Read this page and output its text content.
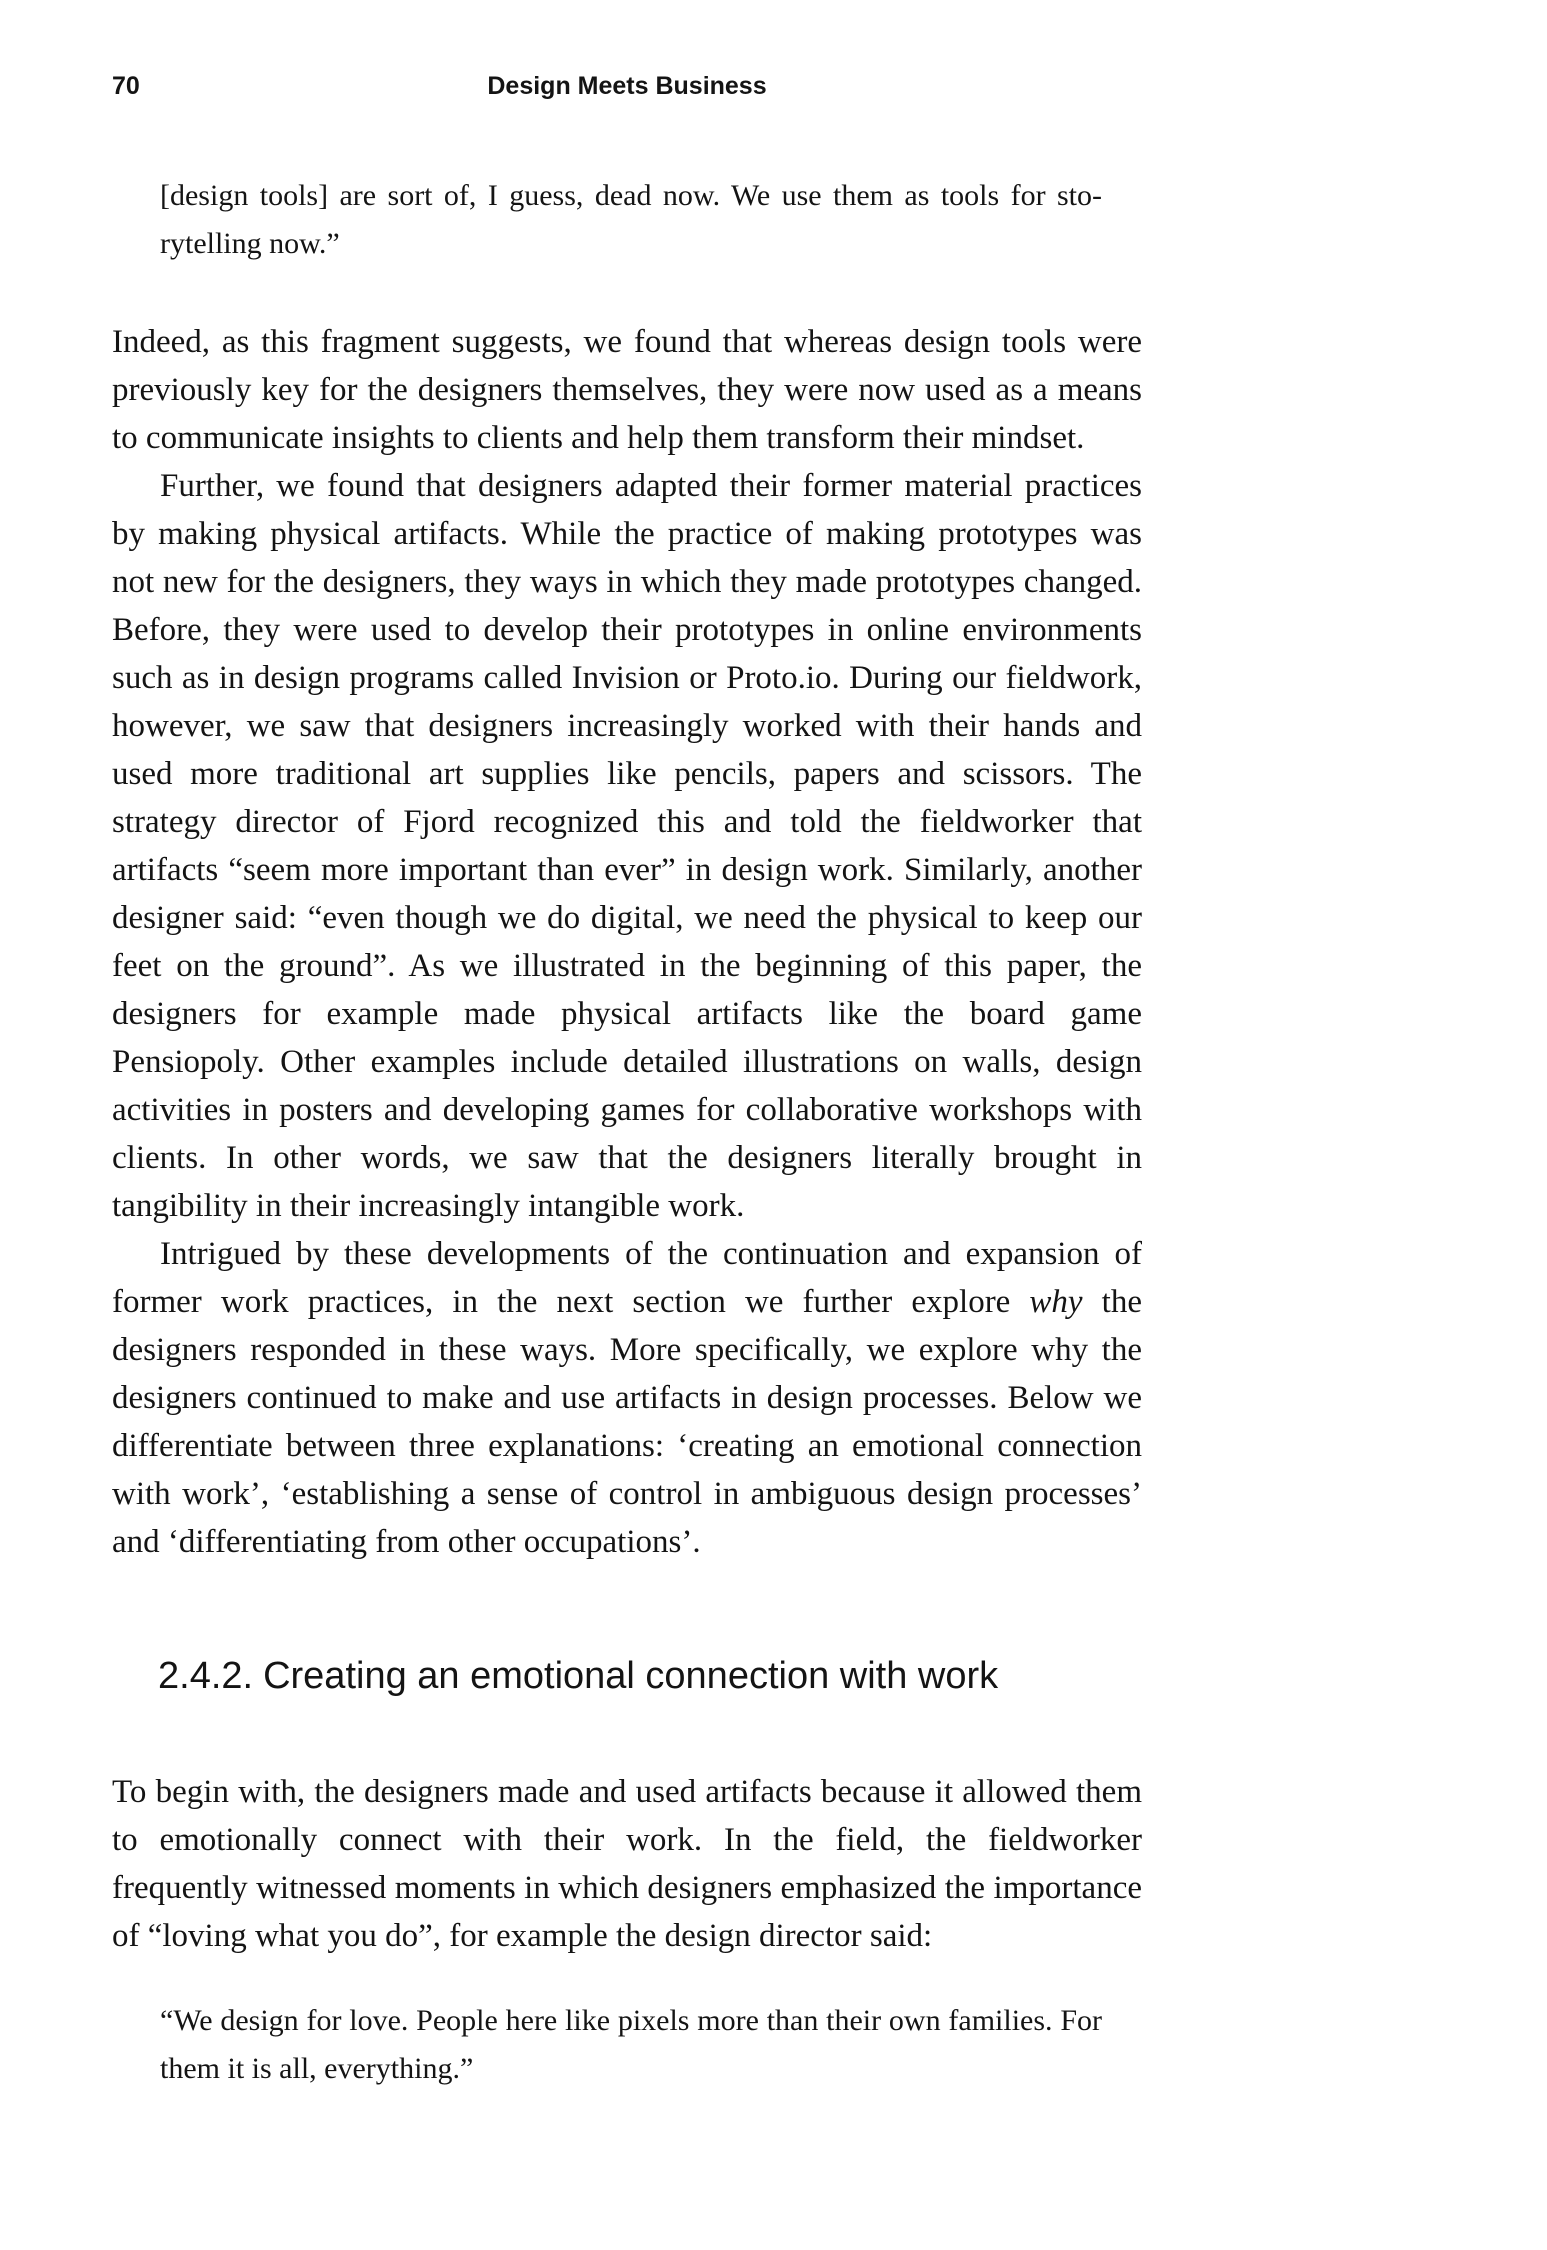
70	Design Meets Business

[design tools] are sort of, I guess, dead now. We use them as tools for storytelling now.”

Indeed, as this fragment suggests, we found that whereas design tools were previously key for the designers themselves, they were now used as a means to communicate insights to clients and help them transform their mindset.

Further, we found that designers adapted their former material practices by making physical artifacts. While the practice of making prototypes was not new for the designers, they ways in which they made prototypes changed. Before, they were used to develop their prototypes in online environments such as in design programs called Invision or Proto.io. During our fieldwork, however, we saw that designers increasingly worked with their hands and used more traditional art supplies like pencils, papers and scissors. The strategy director of Fjord recognized this and told the fieldworker that artifacts “seem more important than ever” in design work. Similarly, another designer said: “even though we do digital, we need the physical to keep our feet on the ground”. As we illustrated in the beginning of this paper, the designers for example made physical artifacts like the board game Pensiopoly. Other examples include detailed illustrations on walls, design activities in posters and developing games for collaborative workshops with clients. In other words, we saw that the designers literally brought in tangibility in their increasingly intangible work.

Intrigued by these developments of the continuation and expansion of former work practices, in the next section we further explore why the designers responded in these ways. More specifically, we explore why the designers continued to make and use artifacts in design processes. Below we differentiate between three explanations: ‘creating an emotional connection with work’, ‘establishing a sense of control in ambiguous design processes’ and ‘differentiating from other occupations’.

2.4.2. Creating an emotional connection with work

To begin with, the designers made and used artifacts because it allowed them to emotionally connect with their work. In the field, the fieldworker frequently witnessed moments in which designers emphasized the importance of “loving what you do”, for example the design director said:

“We design for love. People here like pixels more than their own families. For them it is all, everything.”
